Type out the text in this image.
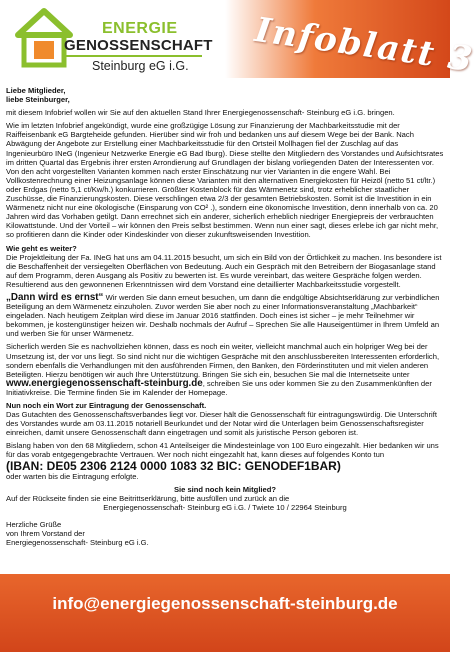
ENERGIE
GENOSSENSCHAFT
Steinburg eG i.G. Infoblatt 3
Liebe Mitglieder,
liebe Steinburger,

mit diesem Infobrief wollen wir Sie auf den aktuellen Stand Ihrer Energiegenossenschaft- Steinburg eG i.G. bringen.

Wie im letzten Infobrief angekündigt, wurde eine großzügige Lösung zur Finanzierung der Machbarkeitsstudie mit der Raiffeisenbank eG Bargteheide gefunden. Hierüber sind wir froh und bedanken uns auf diesem Wege bei der Bank. Nach Abwägung der Angebote zur Erstellung einer Machbarkeitsstudie für den Ortsteil Mollhagen fiel der Zuschlag auf das Ingenieurbüro INeG (Ingenieur Netzwerke Energie eG Bad Iburg). Diese stellte den Mitgliedern des Vorstandes und Aufsichtsrates im dritten Quartal das Ergebnis ihrer ersten Arrondierung auf Grundlagen der bislang vorliegenden Daten der Interessenten vor. Von den acht vorgestellten Varianten kommen nach erster Einschätzung nur vier Varianten in die engere Wahl. Bei Vollkostenrechnung einer Heizungsanlage können diese Varianten mit den alternativen Energiekosten für Heizöl (netto 51 ct/ltr.) oder Erdgas (netto 5,1 ct/Kw/h.) konkurrieren. Größter Kostenblock für das Wärmenetz sind, trotz erheblicher staatlicher Zuschüsse, die Finanzierungskosten. Diese verschlingen etwa 2/3 der gesamten Betriebskosten. Somit ist die Investition in ein Wärmenetz nicht nur eine ökologische (Einsparung von CO² .), sondern eine ökonomische Investition, denn innerhalb von ca. 20 Jahren wird das Vorhaben getilgt. Dann errechnet sich ein anderer, sicherlich erheblich niedriger Energiepreis der verbrauchten Kilowattstunde. Und der Vorteil – wir können den Preis selbst bestimmen. Wenn nun einer sagt, dieses erlebe ich gar nicht mehr, so profitieren dann die Kinder oder Kindeskinder von dieser zukunftsweisenden Investition.

Wie geht es weiter?

Die Projektleitung der Fa. INeG hat uns am 04.11.2015 besucht, um sich ein Bild von der Örtlichkeit zu machen. Ins besondere ist die Beschaffenheit der versiegelten Oberflächen von Bedeutung. Auch ein Gespräch mit den Betreibern der Biogasanlage stand auf dem Programm, deren Ausgang als Positiv zu bewerten ist. Es wurde vereinbart, das weitere Gespräche folgen werden.

Resultierend aus den gewonnenen Erkenntnissen wird dem Vorstand eine detaillierter Machbarkeitsstudie vorgestellt.

„Dann wird es ernst“ Wir werden Sie dann erneut besuchen, um dann die endgültige Absichtserklärung zur verbindlichen Beteiligung an dem Wärmenetz einzuholen. Zuvor werden Sie aber noch zu einer Informationsveranstaltung „Machbarkeit“ eingeladen. Nach heutigem Zeitplan wird diese im Januar 2016 stattfinden. Doch eines ist sicher – je mehr Teilnehmer wir bekommen, je kostengünstiger heizen wir. Deshalb nochmals der Aufruf – Sprechen Sie alle Hauseigentümer in Ihrem Umfeld an und werben Sie für unser Wärmenetz.

Sicherlich werden Sie es nachvollziehen können, dass es noch ein weiter, vielleicht manchmal auch ein holpriger Weg bei der Umsetzung ist, der vor uns liegt. So sind nicht nur die wichtigen Gespräche mit den anschlussbereiten Interessenten erforderlich, sondern ebenfalls die Verhandlungen mit den ausführenden Firmen, den Banken, den Förderinstituten und mit vielen anderen Beteiligten. Hierzu benötigen wir auch Ihre Unterstützung. Bringen Sie sich ein, besuchen Sie mal die Internetseite unter www.energiegenossenschaft-steinburg.de, schreiben Sie uns oder kommen Sie zu den Zusammenkünften der Initiativkreise. Die Termine finden Sie im Kalender der Homepage.

Nun noch ein Wort zur Eintragung der Genossenschaft.

Das Gutachten des Genossenschaftsverbandes liegt vor. Dieser hält die Genossenschaft für eintragungswürdig. Die Unterschrift des Vorstandes wurde am 03.11.2015 notariell Beurkundet und der Notar wird die Unterlagen beim Genossenschaftsregister einreichen, damit unsere Genossenschaft dann eingetragen und somit als juristische Person geboren ist.

Bislang haben von den 68 Mitgliedern, schon 41 Anteilseiger die Mindesteinlage von 100 Euro eingezahlt. Hier bedanken wir uns für das vorab entgegengebrachte Vertrauen. Wer noch nicht eingezahlt hat, kann dieses auf folgendes Konto tun

(IBAN: DE05 2306 2124 0000 1083 32 BIC: GENODEF1BAR)

oder warten bis die Eintragung erfolgte.

Sie sind noch kein Mitglied?
Auf der Rückseite finden sie eine Beitrittserklärung, bitte ausfüllen und zurück an die
Energiegenossenschaft- Steinburg eG i.G. / Twiete 10 / 22964 Steinburg
Herzliche Grüße
von Ihrem Vorstand der
Energiegenossenschaft- Steinburg eG i.G.
info@energiegenossenschaft-steinburg.de
